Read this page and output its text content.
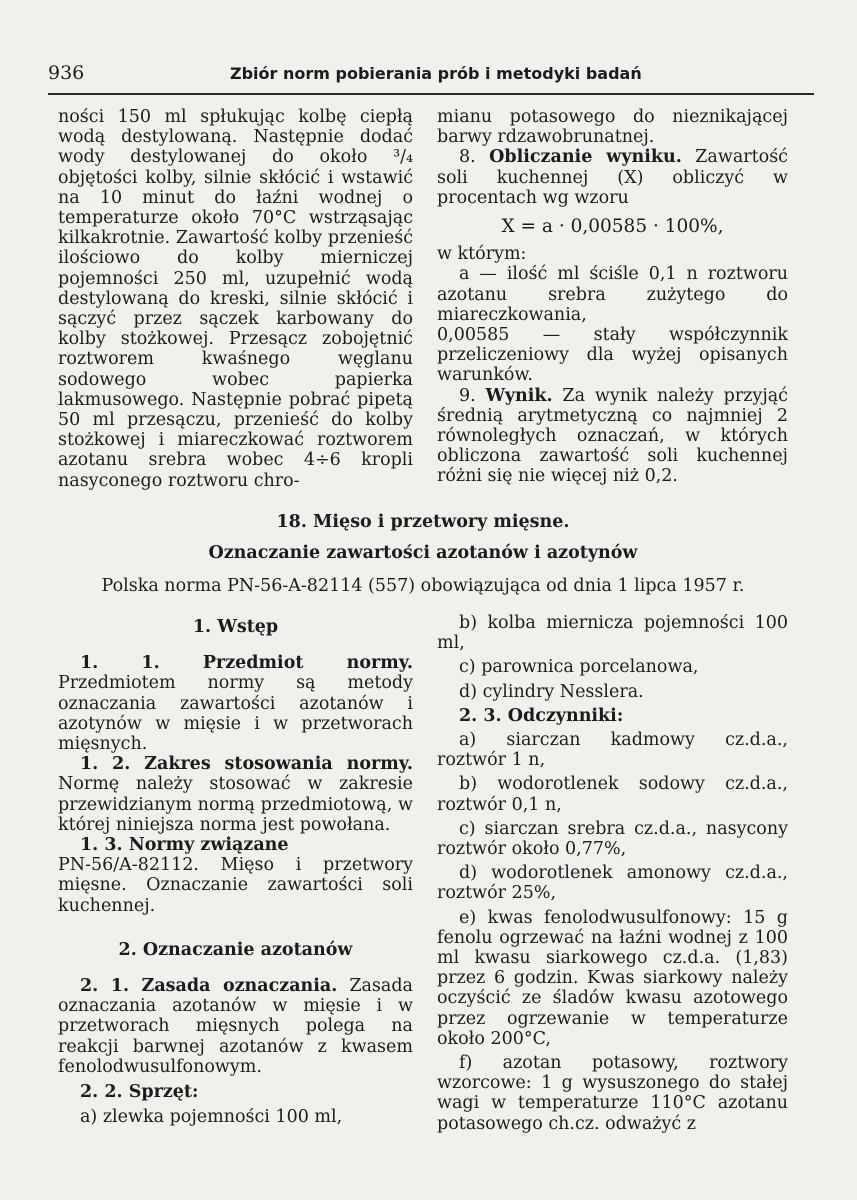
936	Zbiór norm pobierania prób i metodyki badań

ności 150 ml spłukując kolbę ciepłą wodą destylowaną. Następnie dodać wody destylowanej do około ³/₄ objętości kolby, silnie skłócić i wstawić na 10 minut do łaźni wodnej o temperaturze około 70°C wstrząsając kilkakrotnie. Zawartość kolby przenieść ilościowo do kolby mierniczej pojemności 250 ml, uzupełnić wodą destylowaną do kreski, silnie skłócić i sączyć przez sączek karbowany do kolby stożkowej. Przesącz zobojętnić roztworem kwaśnego węglanu sodowego wobec papierka lakmusowego. Następnie pobrać pipetą 50 ml przesączu, przenieść do kolby stożkowej i miareczkować roztworem azotanu srebra wobec 4÷6 kropli nasyconego roztworu chro-

mianu potasowego do nieznikającej barwy rdzawobrunatnej.

8. Obliczanie wyniku. Zawartość soli kuchennej (X) obliczyć w procentach wg wzoru

X = a · 0,00585 · 100%,

w którym:

a — ilość ml ściśle 0,1 n roztworu azotanu srebra zużytego do miareczkowania,

0,00585 — stały współczynnik przeliczeniowy dla wyżej opisanych warunków.

9. Wynik. Za wynik należy przyjąć średnią arytmetyczną co najmniej 2 równoległych oznaczań, w których obliczona zawartość soli kuchennej różni się nie więcej niż 0,2.

18. Mięso i przetwory mięsne.
Oznaczanie zawartości azotanów i azotynów
Polska norma PN-56-A-82114 (557) obowiązująca od dnia 1 lipca 1957 r.
1. Wstęp

1. 1. Przedmiot normy. Przedmiotem normy są metody oznaczania zawartości azotanów i azotynów w mięsie i w przetworach mięsnych.

1. 2. Zakres stosowania normy. Normę należy stosować w zakresie przewidzianym normą przedmiotową, w której niniejsza norma jest powołana.

1. 3. Normy związane

PN-56/A-82112. Mięso i przetwory mięsne. Oznaczanie zawartości soli kuchennej.

2. Oznaczanie azotanów

2. 1. Zasada oznaczania. Zasada oznaczania azotanów w mięsie i w przetworach mięsnych polega na reakcji barwnej azotanów z kwasem fenolodwusulfonowym.

2. 2. Sprzęt:

a) zlewka pojemności 100 ml,

b) kolba miernicza pojemności 100 ml,

c) parownica porcelanowa,

d) cylindry Nesslera.

2. 3. Odczynniki:

a) siarczan kadmowy cz.d.a., roztwór 1 n,

b) wodorotlenek sodowy cz.d.a., roztwór 0,1 n,

c) siarczan srebra cz.d.a., nasycony roztwór około 0,77%,

d) wodorotlenek amonowy cz.d.a., roztwór 25%,

e) kwas fenolodwusulfonowy: 15 g fenolu ogrzewać na łaźni wodnej z 100 ml kwasu siarkowego cz.d.a. (1,83) przez 6 godzin. Kwas siarkowy należy oczyścić ze śladów kwasu azotowego przez ogrzewanie w temperaturze około 200°C,

f) azotan potasowy, roztwory wzorcowe: 1 g wysuszonego do stałej wagi w temperaturze 110°C azotanu potasowego ch.cz. odważyć z
